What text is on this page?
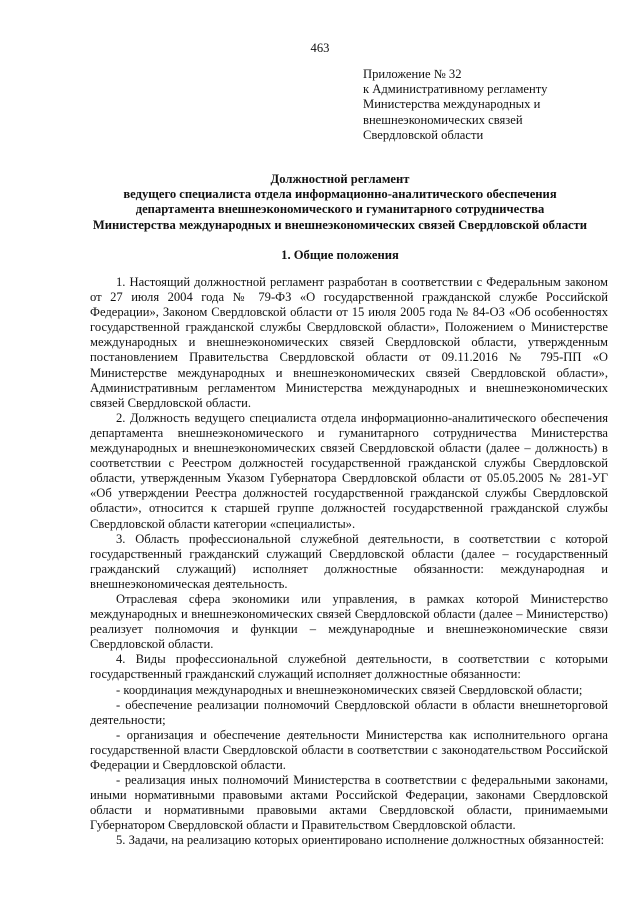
463
Приложение № 32
к Административному регламенту
Министерства международных и
внешнеэкономических связей
Свердловской области
Должностной регламент
ведущего специалиста отдела информационно-аналитического обеспечения
департамента внешнеэкономического и гуманитарного сотрудничества
Министерства международных и внешнеэкономических связей Свердловской области
1. Общие положения

1. Настоящий должностной регламент разработан в соответствии с Федеральным законом от 27 июля 2004 года № 79-ФЗ «О государственной гражданской службе Российской Федерации», Законом Свердловской области от 15 июля 2005 года № 84-ОЗ «Об особенностях государственной гражданской службы Свердловской области», Положением о Министерстве международных и внешнеэкономических связей Свердловской области, утвержденным постановлением Правительства Свердловской области от 09.11.2016 № 795-ПП «О Министерстве международных и внешнеэкономических связей Свердловской области», Административным регламентом Министерства международных и внешнеэкономических связей Свердловской области.

2. Должность ведущего специалиста отдела информационно-аналитического обеспечения департамента внешнеэкономического и гуманитарного сотрудничества Министерства международных и внешнеэкономических связей Свердловской области (далее – должность) в соответствии с Реестром должностей государственной гражданской службы Свердловской области, утвержденным Указом Губернатора Свердловской области от 05.05.2005 № 281-УГ «Об утверждении Реестра должностей государственной гражданской службы Свердловской области», относится к старшей группе должностей государственной гражданской службы Свердловской области категории «специалисты».

3. Область профессиональной служебной деятельности, в соответствии с которой государственный гражданский служащий Свердловской области (далее – государственный гражданский служащий) исполняет должностные обязанности: международная и внешнеэкономическая деятельность.

Отраслевая сфера экономики или управления, в рамках которой Министерство международных и внешнеэкономических связей Свердловской области (далее – Министерство) реализует полномочия и функции – международные и внешнеэкономические связи Свердловской области.

4. Виды профессиональной служебной деятельности, в соответствии с которыми государственный гражданский служащий исполняет должностные обязанности:

- координация международных и внешнеэкономических связей Свердловской области;

- обеспечение реализации полномочий Свердловской области в области внешнеторговой деятельности;

- организация и обеспечение деятельности Министерства как исполнительного органа государственной власти Свердловской области в соответствии с законодательством Российской Федерации и Свердловской области.

- реализация иных полномочий Министерства в соответствии с федеральными законами, иными нормативными правовыми актами Российской Федерации, законами Свердловской области и нормативными правовыми актами Свердловской области, принимаемыми Губернатором Свердловской области и Правительством Свердловской области.

5. Задачи, на реализацию которых ориентировано исполнение должностных обязанностей:
